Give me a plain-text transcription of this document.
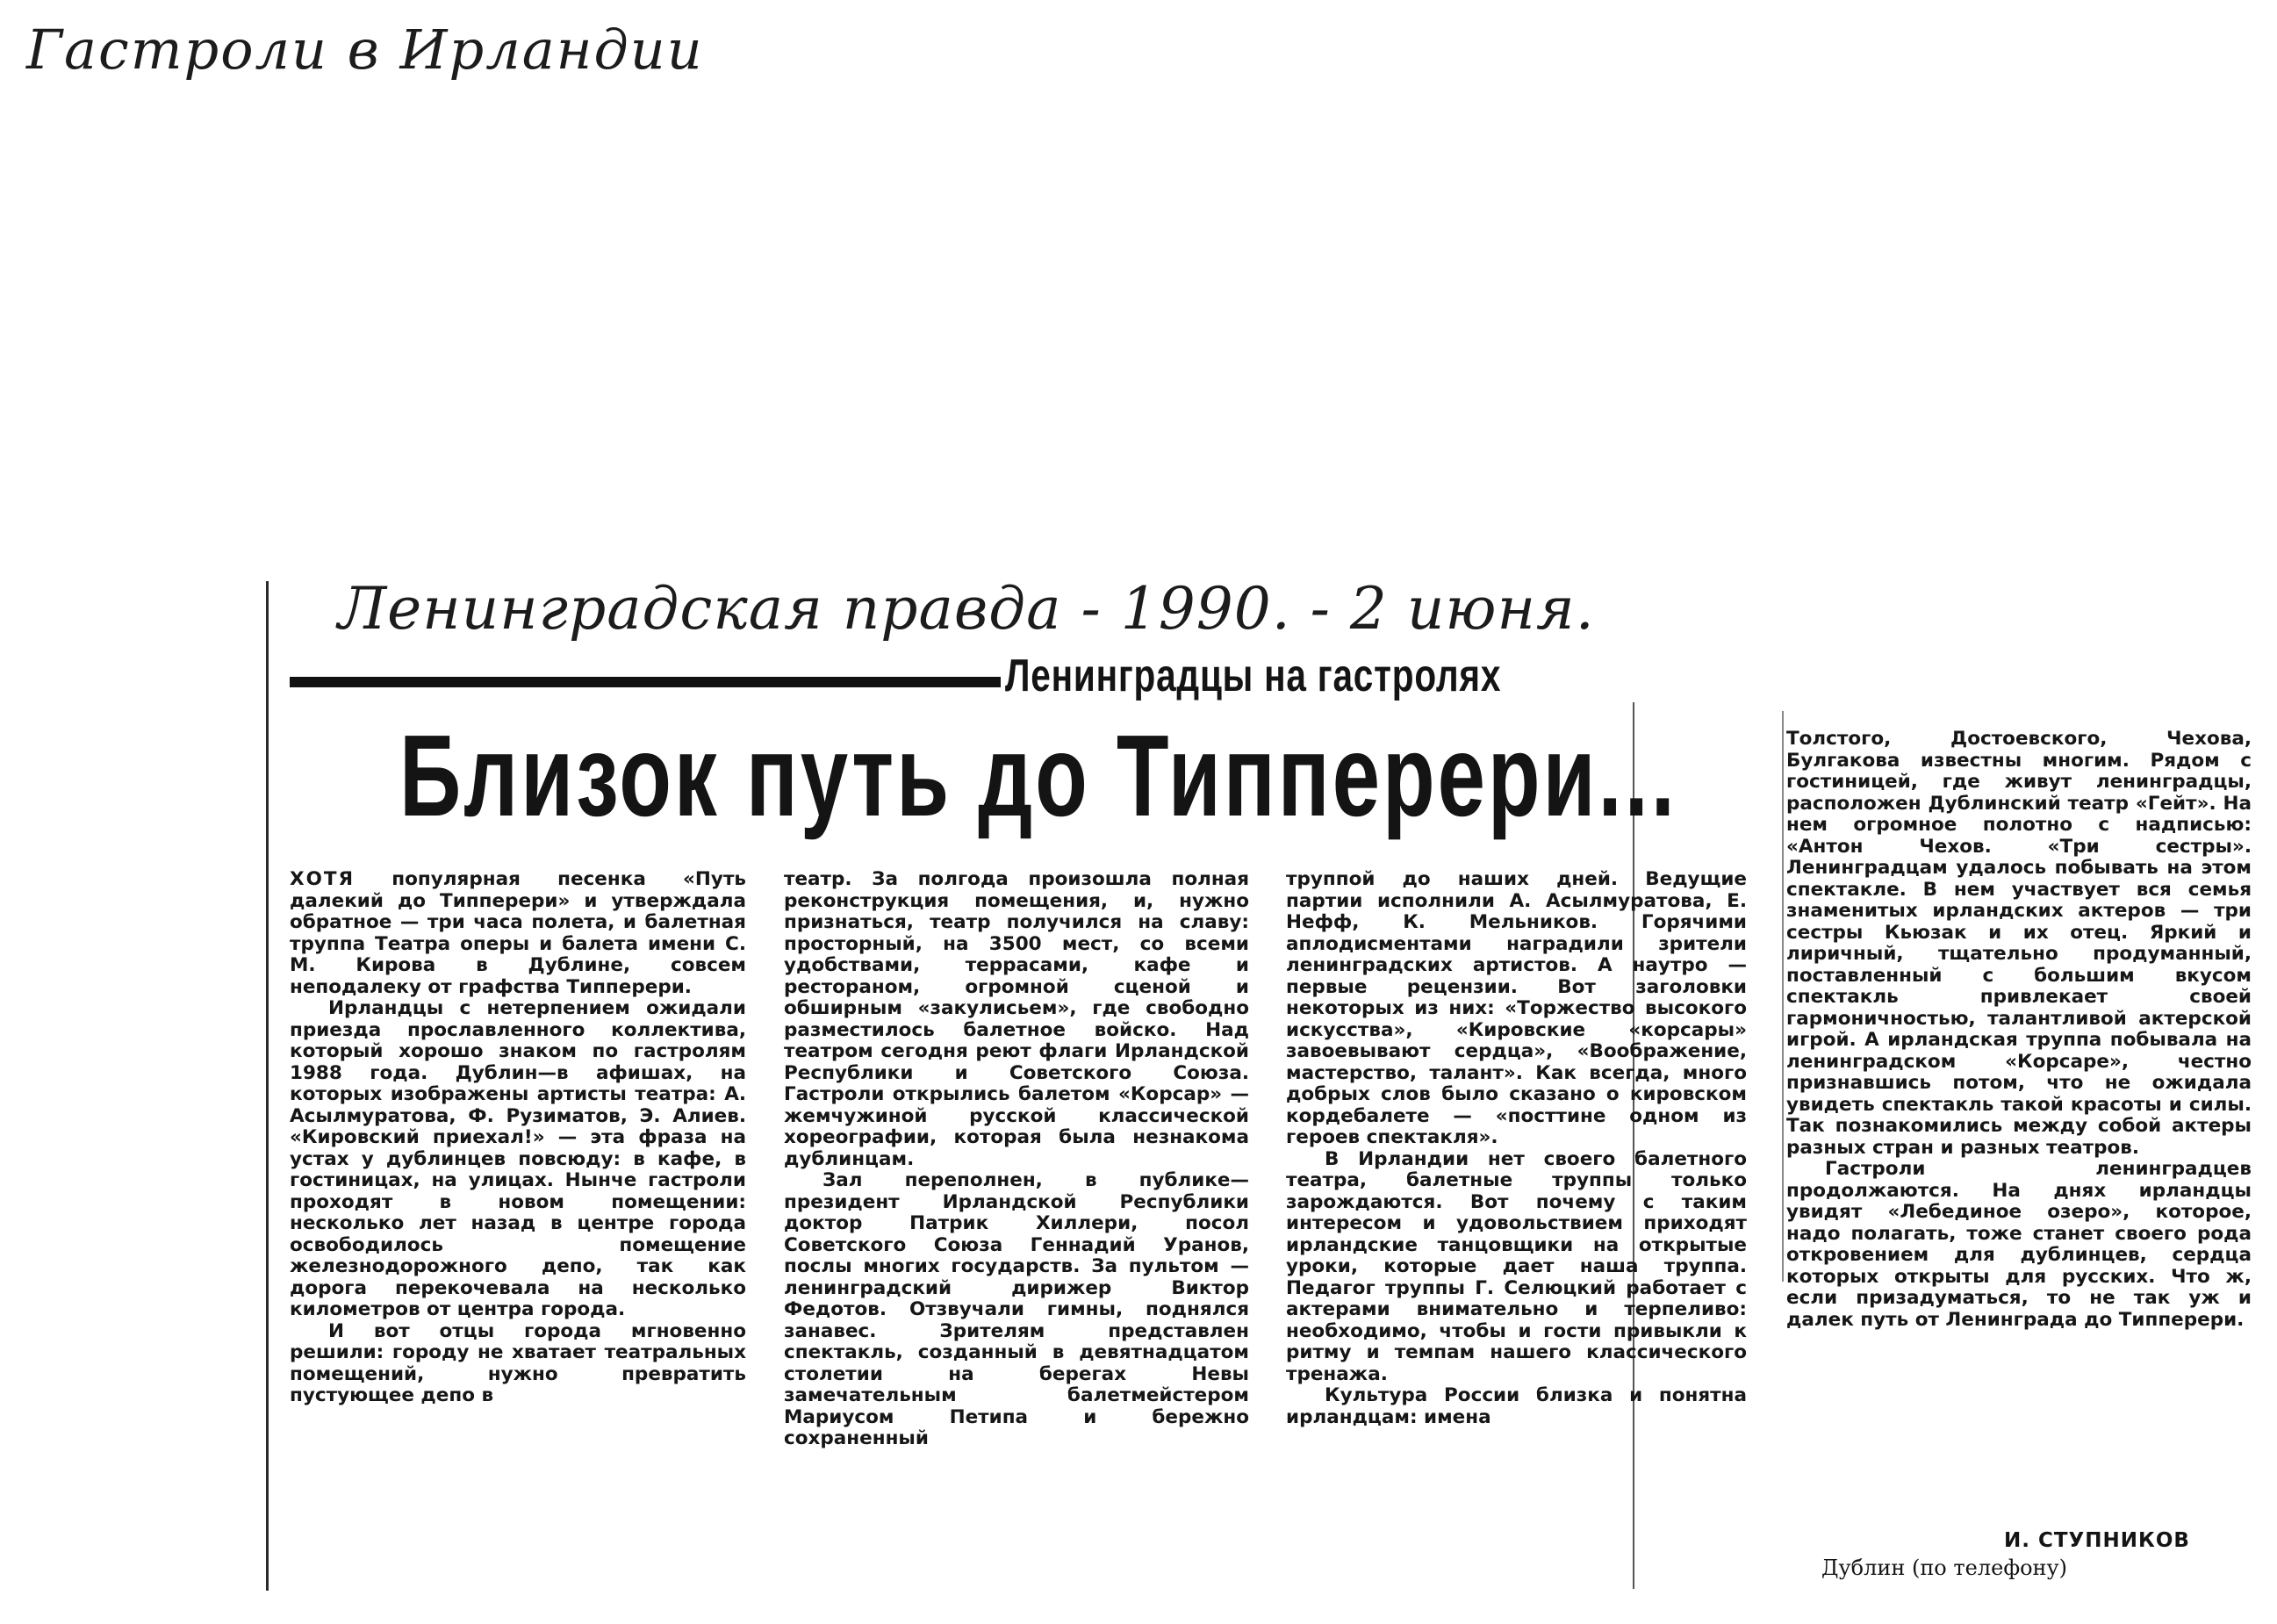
Гастроли в Ирландии
Ленинградская правда - 1990. - 2 июня.
Ленинградцы на гастролях
Близок путь до Типперери...

ХОТЯ популярная песенка «Путь далекий до Типперери» и утверждала обратное — три часа полета, и балетная труппа Театра оперы и балета имени С. М. Кирова в Дублине, совсем неподалеку от графства Типперери.

Ирландцы с нетерпением ожидали приезда прославленного коллектива, который хорошо знаком по гастролям 1988 года. Дублин—в афишах, на которых изображены артисты театра: А. Асылмуратова, Ф. Рузиматов, Э. Алиев. «Кировский приехал!» — эта фраза на устах у дублинцев повсюду: в кафе, в гостиницах, на улицах. Нынче гастроли проходят в новом помещении: несколько лет назад в центре города освободилось помещение железнодорожного депо, так как дорога перекочевала на несколько километров от центра города.

И вот отцы города мгновенно решили: городу не хватает театральных помещений, нужно превратить пустующее депо в

театр. За полгода произошла полная реконструкция помещения, и, нужно признаться, театр получился на славу: просторный, на 3500 мест, со всеми удобствами, террасами, кафе и рестораном, огромной сценой и обширным «закулисьем», где свободно разместилось балетное войско. Над театром сегодня реют флаги Ирландской Республики и Советского Союза. Гастроли открылись балетом «Корсар» — жемчужиной русской классической хореографии, которая была незнакома дублинцам.

Зал переполнен, в публике—президент Ирландской Республики доктор Патрик Хиллери, посол Советского Союза Геннадий Уранов, послы многих государств. За пультом — ленинградский дирижер Виктор Федотов. Отзвучали гимны, поднялся занавес. Зрителям представлен спектакль, созданный в девятнадцатом столетии на берегах Невы замечательным балетмейстером Мариусом Петипа и бережно сохраненный

труппой до наших дней. Ведущие партии исполнили А. Асылмуратова, Е. Нефф, К. Мельников. Горячими аплодисментами наградили зрители ленинградских артистов. А наутро — первые рецензии. Вот заголовки некоторых из них: «Торжество высокого искусства», «Кировские «корсары» завоевывают сердца», «Воображение, мастерство, талант». Как всегда, много добрых слов было сказано о кировском кордебалете — «посттине одном из героев спектакля».

В Ирландии нет своего балетного театра, балетные труппы только зарождаются. Вот почему с таким интересом и удовольствием приходят ирландские танцовщики на открытые уроки, которые дает наша труппа. Педагог труппы Г. Селюцкий работает с актерами внимательно и терпеливо: необходимо, чтобы и гости привыкли к ритму и темпам нашего классического тренажа.

Культура России близка и понятна ирландцам: имена

Толстого, Достоевского, Чехова, Булгакова известны многим. Рядом с гостиницей, где живут ленинградцы, расположен Дублинский театр «Гейт». На нем огромное полотно с надписью: «Антон Чехов. «Три сестры». Ленинградцам удалось побывать на этом спектакле. В нем участвует вся семья знаменитых ирландских актеров — три сестры Кьюзак и их отец. Яркий и лиричный, тщательно продуманный, поставленный с большим вкусом спектакль привлекает своей гармоничностью, талантливой актерской игрой. А ирландская труппа побывала на ленинградском «Корсаре», честно признавшись потом, что не ожидала увидеть спектакль такой красоты и силы. Так познакомились между собой актеры разных стран и разных театров.

Гастроли ленинградцев продолжаются. На днях ирландцы увидят «Лебединое озеро», которое, надо полагать, тоже станет своего рода откровением для дублинцев, сердца которых открыты для русских. Что ж, если призадуматься, то не так уж и далек путь от Ленинграда до Типперери.

И. СТУПНИКОВ
Дублин (по телефону)
